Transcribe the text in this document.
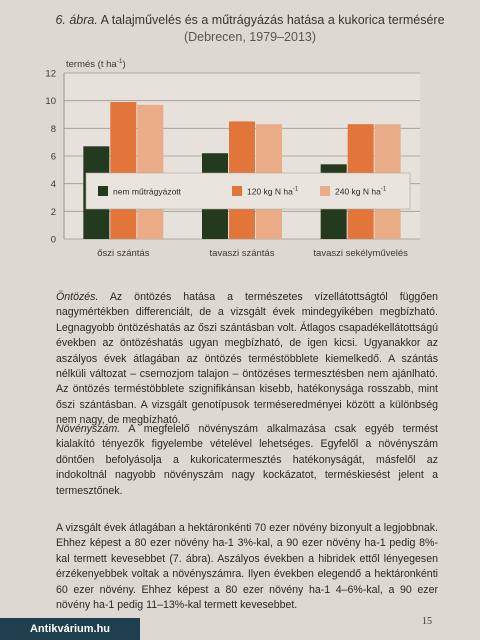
6. ábra. A talajművelés és a műtrágyázás hatása a kukorica termésére
(Debrecen, 1979–2013)
0
2
4
6
8
10
12
termés (t $ha^{-1}$)
őszi szántás	tavaszi szántás	tavaszi sekélyművelés
nem műtrágyázott	120 kg N $ha^{-1}$	240 kg N $ha^{-1}$

Öntözés. Az öntözés hatása a természetes vízellátottságtól függően nagymértékben differenciált, de a vizsgált évek mindegyikében megbízható. Legnagyobb öntözéshatás az őszi szántásban volt. Átlagos csapadékellátottságú években az öntözéshatás ugyan megbízható, de igen kicsi. Ugyanakkor az aszályos évek átlagában az öntözés terméstöbblete kiemelkedő. A szántás nélküli változat – csernozjom talajon – öntözéses termesztésben nem ajánlható. Az öntözés terméstöbblete szignifikánsan kisebb, hatékonysága rosszabb, mint őszi szántásban. A vizsgált genotípusok terméseredményei között a különbség nem nagy, de megbízható.

Növényszám. A megfelelő növényszám alkalmazása csak egyéb termést kialakító tényezők figyelembe vételével lehetséges. Egyfelől a növényszám döntően befolyásolja a kukoricatermesztés hatékonyságát, másfelől az indokoltnál nagyobb növényszám nagy kockázatot, terméskiesést jelent a termesztőnek.

A vizsgált évek átlagában a hektáronkénti 70 ezer növény bizonyult a legjobbnak. Ehhez képest a 80 ezer növény ha-1 3%-kal, a 90 ezer növény ha-1 pedig 8%-kal termett kevesebbet (7. ábra). Aszályos években a hibridek ettől lényegesen érzékenyebbek voltak a növényszámra. Ilyen években elegendő a hektáronkénti 60 ezer növény. Ehhez képest a 80 ezer növény ha-1 4–6%-kal, a 90 ezer növény ha-1 pedig 11–13%-kal termett kevesebbet.

15
Antikvárium.hu
